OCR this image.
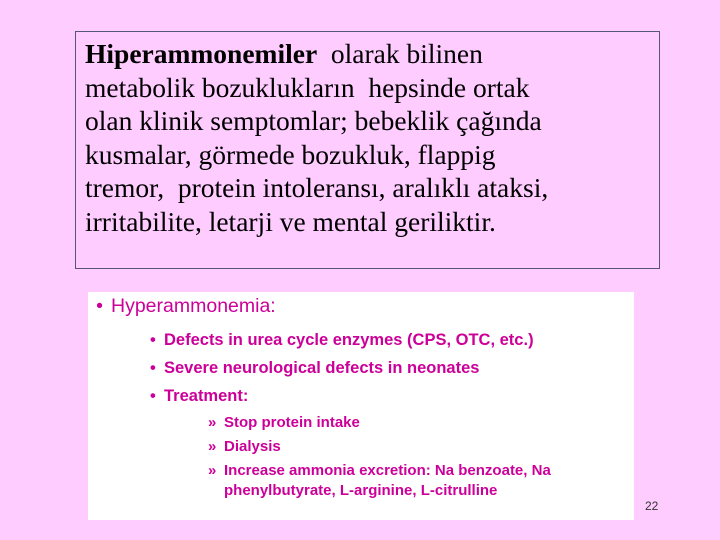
Hiperammonemiler  olarak bilinen
metabolik bozuklukların  hepsinde ortak
olan klinik semptomlar; bebeklik çağında
kusmalar, görmede bozukluk, flappig
tremor,  protein intoleransı, aralıklı ataksi,
irritabilite, letarji ve mental geriliktir.
• Hyperammonemia:
• Defects in urea cycle enzymes (CPS, OTC, etc.)
• Severe neurological defects in neonates
• Treatment:
» Stop protein intake
» Dialysis
» Increase ammonia excretion: Na benzoate, Na
phenylbutyrate, L-arginine, L-citrulline
22
